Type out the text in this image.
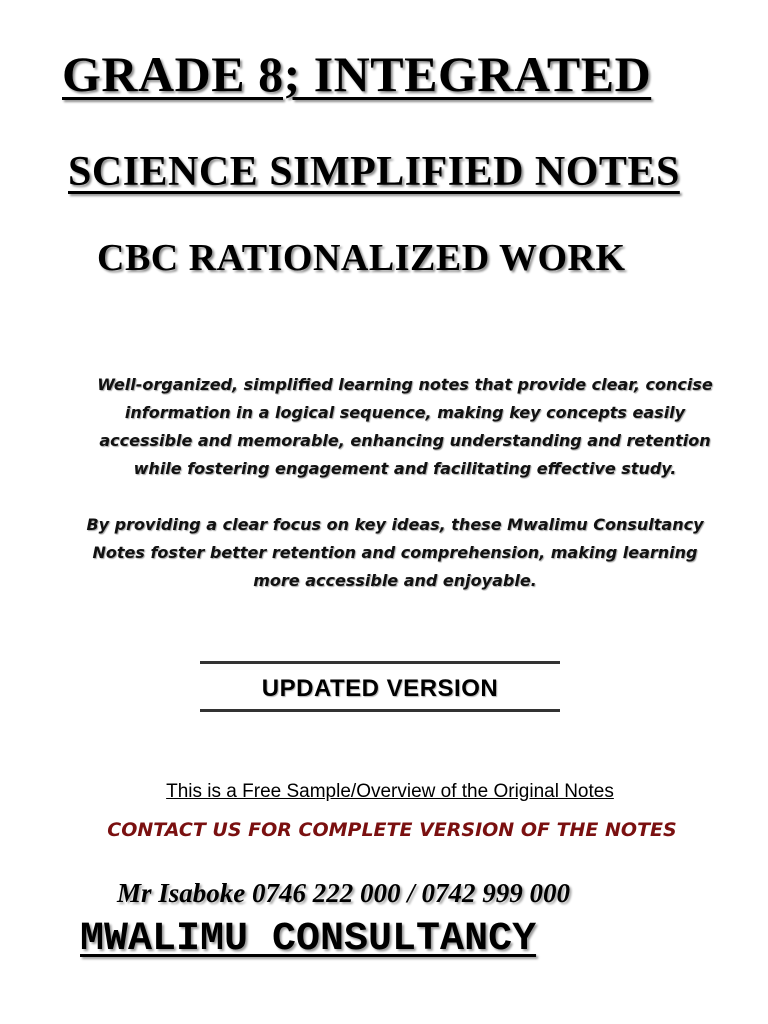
GRADE 8; INTEGRATED
SCIENCE SIMPLIFIED NOTES
CBC RATIONALIZED WORK
Well-organized, simplified learning notes that provide clear, concise information in a logical sequence, making key concepts easily accessible and memorable, enhancing understanding and retention while fostering engagement and facilitating effective study.
By providing a clear focus on key ideas, these Mwalimu Consultancy Notes foster better retention and comprehension, making learning more accessible and enjoyable.
UPDATED VERSION
This is a Free Sample/Overview of the Original Notes
CONTACT US FOR COMPLETE VERSION OF THE NOTES
Mr Isaboke 0746 222 000 / 0742 999 000
MWALIMU CONSULTANCY
